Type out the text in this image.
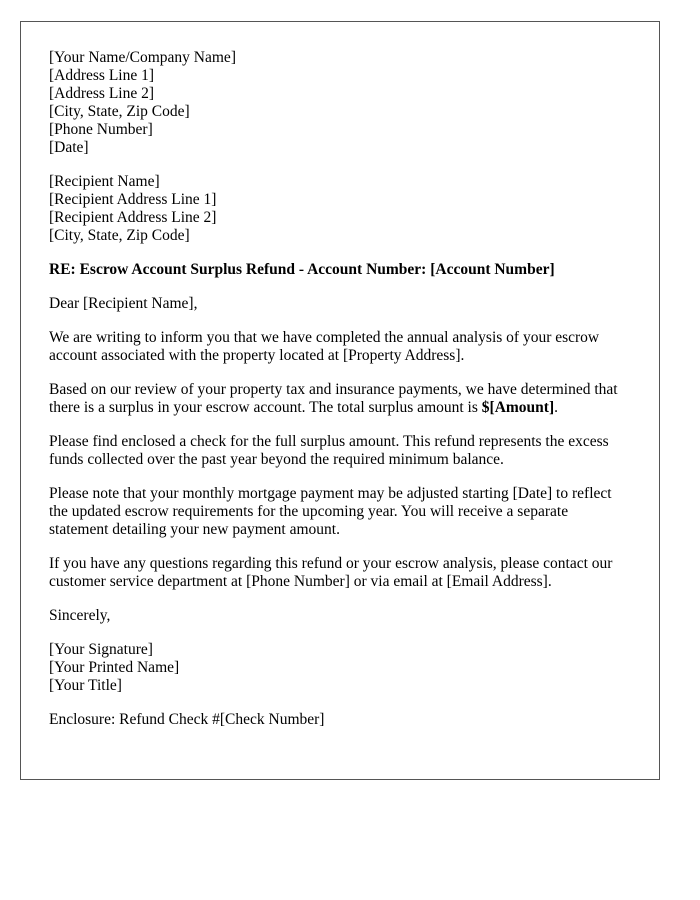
[Your Name/Company Name]
[Address Line 1]
[Address Line 2]
[City, State, Zip Code]
[Phone Number]
[Date]
[Recipient Name]
[Recipient Address Line 1]
[Recipient Address Line 2]
[City, State, Zip Code]
RE: Escrow Account Surplus Refund - Account Number: [Account Number]

Dear [Recipient Name],

We are writing to inform you that we have completed the annual analysis of your escrow account associated with the property located at [Property Address].

Based on our review of your property tax and insurance payments, we have determined that there is a surplus in your escrow account. The total surplus amount is $[Amount].

Please find enclosed a check for the full surplus amount. This refund represents the excess funds collected over the past year beyond the required minimum balance.

Please note that your monthly mortgage payment may be adjusted starting [Date] to reflect the updated escrow requirements for the upcoming year. You will receive a separate statement detailing your new payment amount.

If you have any questions regarding this refund or your escrow analysis, please contact our customer service department at [Phone Number] or via email at [Email Address].

Sincerely,

[Your Signature]
[Your Printed Name]
[Your Title]

Enclosure: Refund Check #[Check Number]
